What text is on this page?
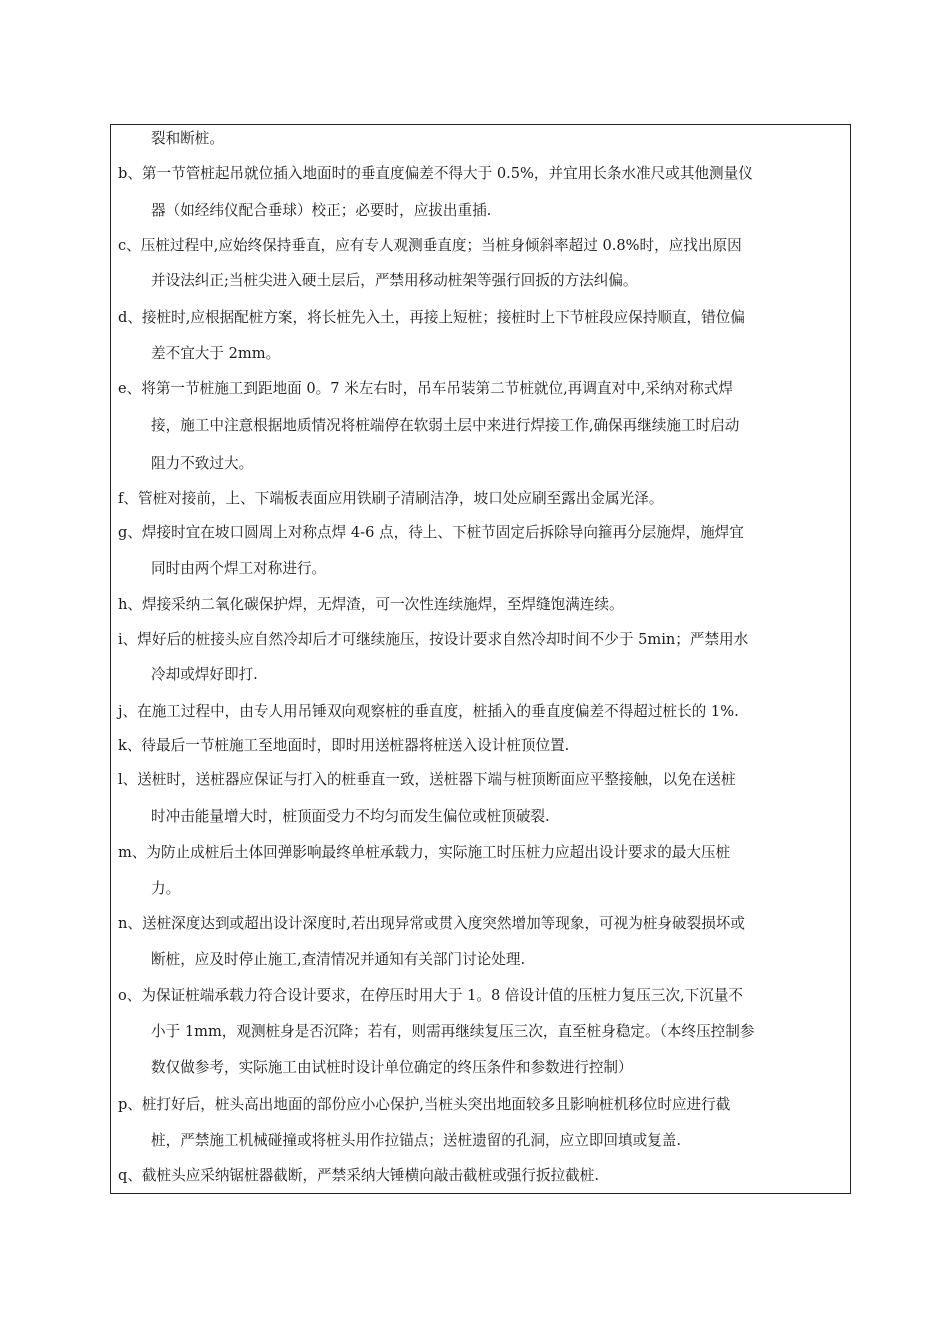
裂和断桩。
b、第一节管桩起吊就位插入地面时的垂直度偏差不得大于 0.5%，并宜用长条水准尺或其他测量仪
器（如经纬仪配合垂球）校正；必要时，应拔出重插.
c、压桩过程中,应始终保持垂直，应有专人观测垂直度；当桩身倾斜率超过 0.8%时，应找出原因
并设法纠正;当桩尖进入硬土层后，严禁用移动桩架等强行回扳的方法纠偏。
d、接桩时,应根据配桩方案，将长桩先入土，再接上短桩；接桩时上下节桩段应保持顺直，错位偏
差不宜大于 2mm。
e、将第一节桩施工到距地面 0。7 米左右时，吊车吊装第二节桩就位,再调直对中,采纳对称式焊
接，施工中注意根据地质情况将桩端停在软弱土层中来进行焊接工作,确保再继续施工时启动
阻力不致过大。
f、管桩对接前，上、下端板表面应用铁刷子清刷洁净，坡口处应刷至露出金属光泽。
g、焊接时宜在坡口圆周上对称点焊 4-6 点，待上、下桩节固定后拆除导向箍再分层施焊，施焊宜
同时由两个焊工对称进行。
h、焊接采纳二氧化碳保护焊，无焊渣，可一次性连续施焊，至焊缝饱满连续。
i、焊好后的桩接头应自然冷却后才可继续施压，按设计要求自然冷却时间不少于 5min；严禁用水
冷却或焊好即打.
j、在施工过程中，由专人用吊锤双向观察桩的垂直度，桩插入的垂直度偏差不得超过桩长的 1%.
k、待最后一节桩施工至地面时，即时用送桩器将桩送入设计桩顶位置.
l、送桩时，送桩器应保证与打入的桩垂直一致，送桩器下端与桩顶断面应平整接触，以免在送桩
时冲击能量增大时，桩顶面受力不均匀而发生偏位或桩顶破裂.
m、为防止成桩后土体回弹影响最终单桩承载力，实际施工时压桩力应超出设计要求的最大压桩
力。
n、送桩深度达到或超出设计深度时,若出现异常或贯入度突然增加等现象，可视为桩身破裂损坏或
断桩，应及时停止施工,查清情况并通知有关部门讨论处理.
o、为保证桩端承载力符合设计要求，在停压时用大于 1。8 倍设计值的压桩力复压三次,下沉量不
小于 1mm，观测桩身是否沉降；若有，则需再继续复压三次，直至桩身稳定。（本终压控制参
数仅做参考，实际施工由试桩时设计单位确定的终压条件和参数进行控制）
p、桩打好后，桩头高出地面的部份应小心保护,当桩头突出地面较多且影响桩机移位时应进行截
桩，严禁施工机械碰撞或将桩头用作拉锚点；送桩遗留的孔洞，应立即回填或复盖.
q、截桩头应采纳锯桩器截断，严禁采纳大锤横向敲击截桩或强行扳拉截桩.
